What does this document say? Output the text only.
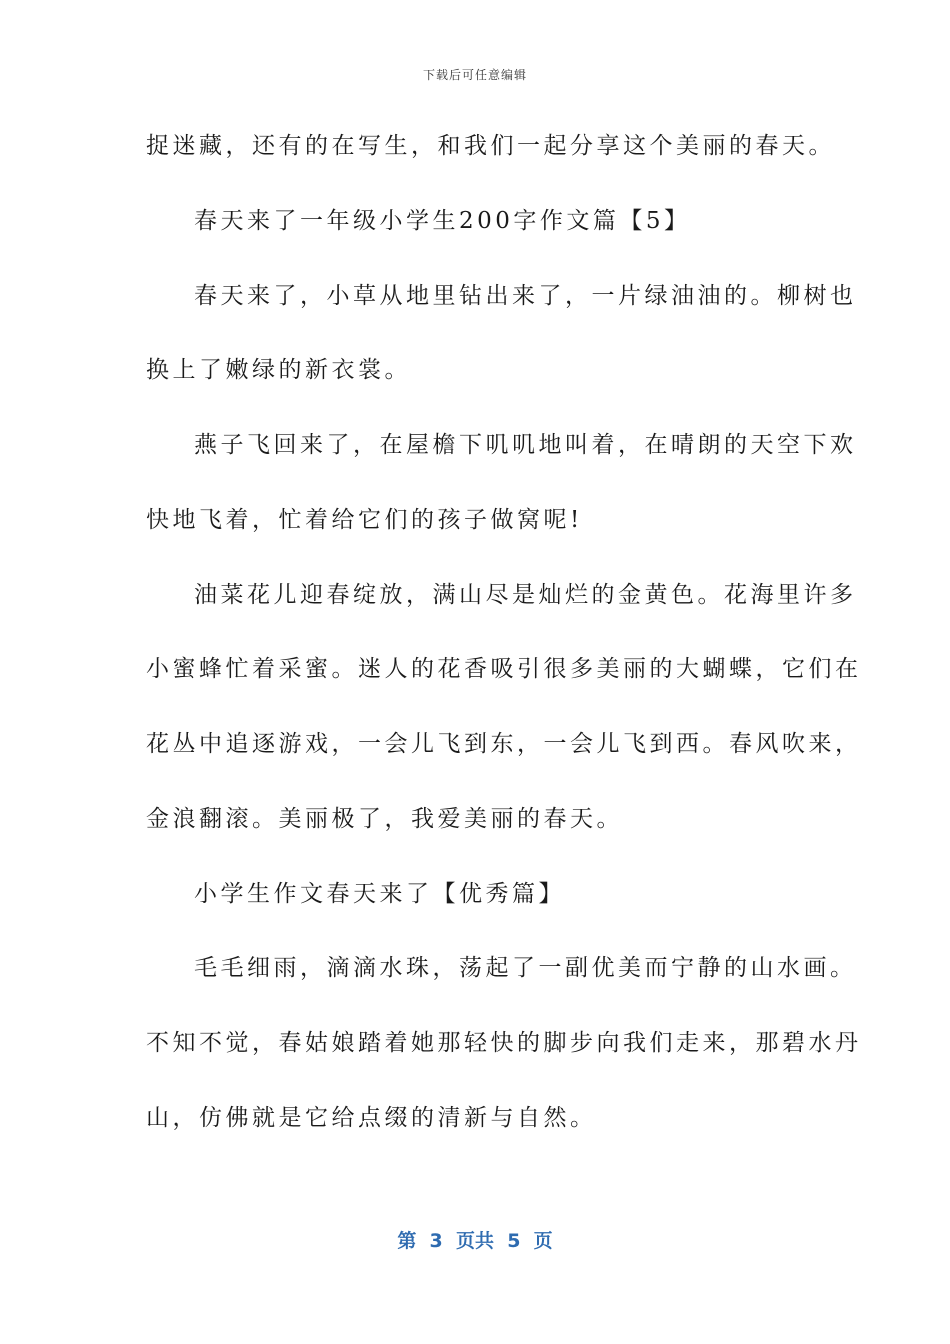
下载后可任意编辑
捉迷藏，还有的在写生，和我们一起分享这个美丽的春天。
春天来了一年级小学生200字作文篇【5】
春天来了，小草从地里钻出来了，一片绿油油的。柳树也
换上了嫩绿的新衣裳。
燕子飞回来了，在屋檐下叽叽地叫着，在晴朗的天空下欢
快地飞着，忙着给它们的孩子做窝呢!
油菜花儿迎春绽放，满山尽是灿烂的金黄色。花海里许多
小蜜蜂忙着采蜜。迷人的花香吸引很多美丽的大蝴蝶，它们在
花丛中追逐游戏，一会儿飞到东，一会儿飞到西。春风吹来，
金浪翻滚。美丽极了，我爱美丽的春天。
小学生作文春天来了【优秀篇】
毛毛细雨，滴滴水珠，荡起了一副优美而宁静的山水画。
不知不觉，春姑娘踏着她那轻快的脚步向我们走来，那碧水丹
山，仿佛就是它给点缀的清新与自然。
第  3  页共  5  页
